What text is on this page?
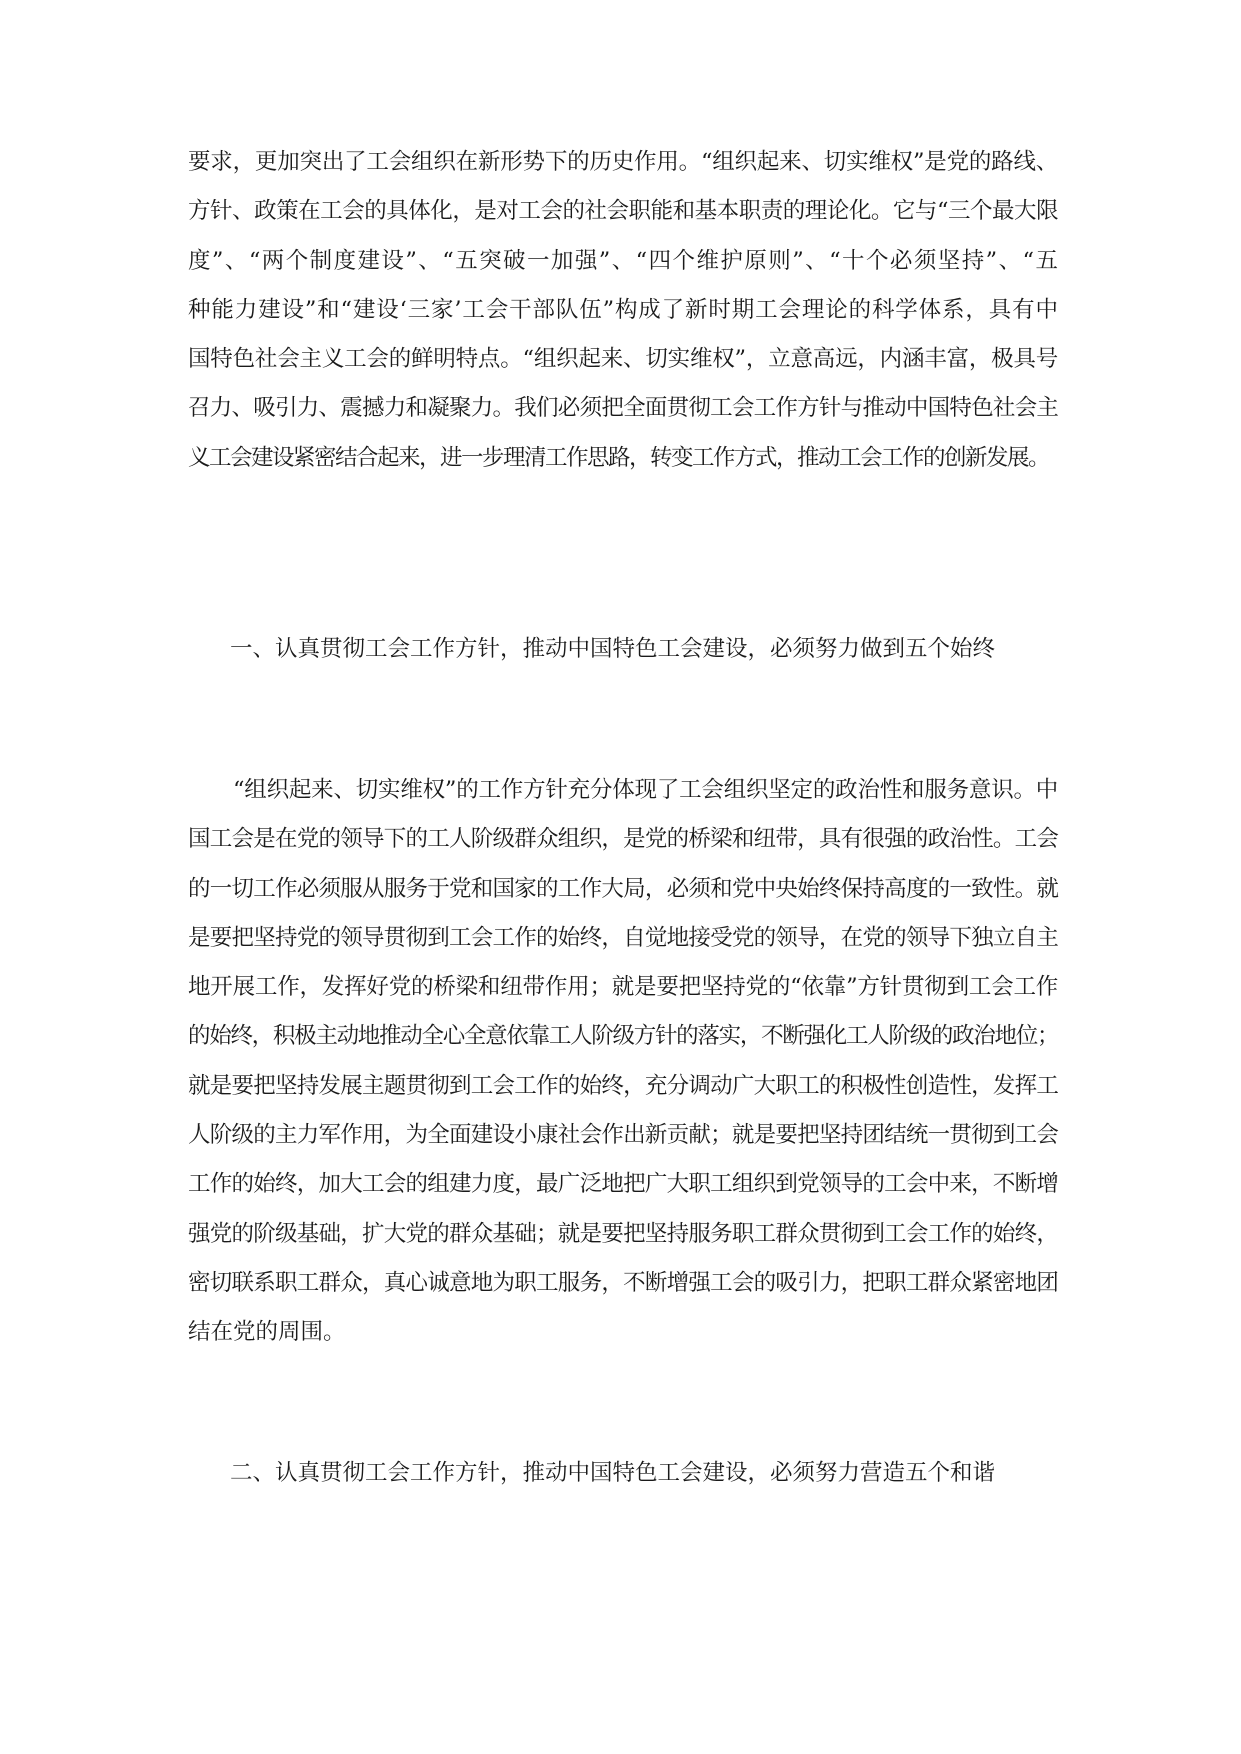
要求，更加突出了工会组织在新形势下的历史作用。“组织起来、切实维权”是党的路线、
方针、政策在工会的具体化，是对工会的社会职能和基本职责的理论化。它与“三个最大限
度”、“两个制度建设”、“五突破一加强”、“四个维护原则”、“十个必须坚持”、“五
种能力建设”和“建设‘三家’工会干部队伍”构成了新时期工会理论的科学体系，具有中
国特色社会主义工会的鲜明特点。“组织起来、切实维权”，立意高远，内涵丰富，极具号
召力、吸引力、震撼力和凝聚力。我们必须把全面贯彻工会工作方针与推动中国特色社会主
义工会建设紧密结合起来，进一步理清工作思路，转变工作方式，推动工会工作的创新发展。
一、认真贯彻工会工作方针，推动中国特色工会建设，必须努力做到五个始终
“组织起来、切实维权”的工作方针充分体现了工会组织坚定的政治性和服务意识。中
国工会是在党的领导下的工人阶级群众组织，是党的桥梁和纽带，具有很强的政治性。工会
的一切工作必须服从服务于党和国家的工作大局，必须和党中央始终保持高度的一致性。就
是要把坚持党的领导贯彻到工会工作的始终，自觉地接受党的领导，在党的领导下独立自主
地开展工作，发挥好党的桥梁和纽带作用；就是要把坚持党的“依靠”方针贯彻到工会工作
的始终，积极主动地推动全心全意依靠工人阶级方针的落实，不断强化工人阶级的政治地位；
就是要把坚持发展主题贯彻到工会工作的始终，充分调动广大职工的积极性创造性，发挥工
人阶级的主力军作用，为全面建设小康社会作出新贡献；就是要把坚持团结统一贯彻到工会
工作的始终，加大工会的组建力度，最广泛地把广大职工组织到党领导的工会中来，不断增
强党的阶级基础，扩大党的群众基础；就是要把坚持服务职工群众贯彻到工会工作的始终，
密切联系职工群众，真心诚意地为职工服务，不断增强工会的吸引力，把职工群众紧密地团
结在党的周围。
二、认真贯彻工会工作方针，推动中国特色工会建设，必须努力营造五个和谐
